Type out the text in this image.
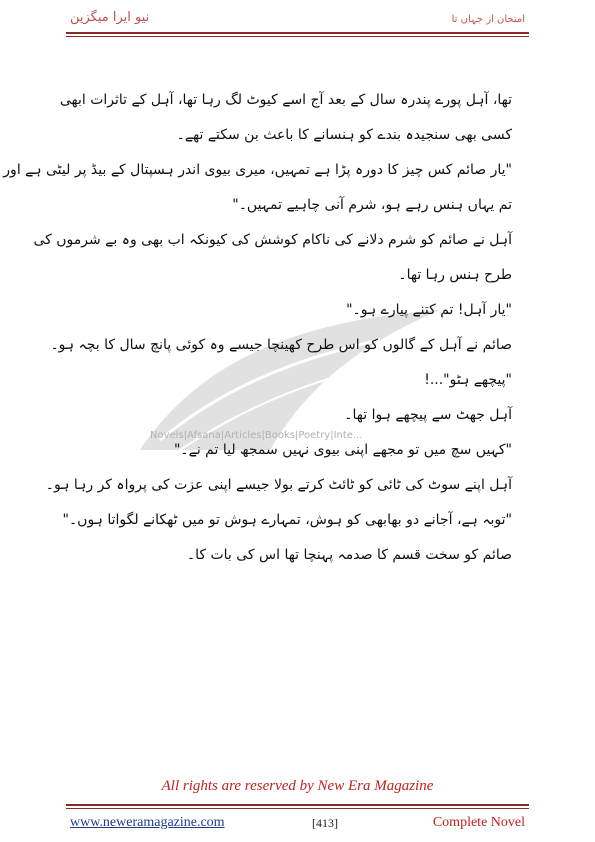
نیو ایرا میگزین	امتحان از جہاں تا
Novels|Afsana|Articles|Books|Poetry|Inte...
تھا، آہل پورے پندرہ سال کے بعد آج اسے کیوٹ لگ رہا تھا، آہل کے تاثرات ابھی
کسی بھی سنجیدہ بندے کو ہنسانے کا باعث بن سکتے تھے۔
"یار صائم کس چیز کا دورہ پڑا ہے تمہیں، میری بیوی اندر ہسپتال کے بیڈ پر لیٹی ہے اور
تم یہاں ہنس رہے ہو، شرم آنی چاہیے تمہیں۔"
آہل نے صائم کو شرم دلانے کی ناکام کوشش کی کیونکہ اب بھی وہ بے شرموں کی
طرح ہنس رہا تھا۔
"یار آہل! تم کتنے پیارے ہو۔"
صائم نے آہل کے گالوں کو اس طرح کھینچا جیسے وہ کوئی پانچ سال کا بچہ ہو۔
"پیچھے ہٹو"...!
آہل جھٹ سے پیچھے ہوا تھا۔
"کہیں سچ میں تو مجھے اپنی بیوی نہیں سمجھ لیا تم نے۔"
آہل اپنے سوٹ کی ٹائی کو ٹائٹ کرتے بولا جیسے اپنی عزت کی پرواہ کر رہا ہو۔
"توبہ ہے، آجانے دو بھابھی کو ہوش، تمہارے ہوش تو میں ٹھکانے لگواتا ہوں۔"
صائم کو سخت قسم کا صدمہ پہنچا تھا اس کی بات کا۔
All rights are reserved by New Era Magazine
www.neweramagazine.com	[413]	Complete Novel
